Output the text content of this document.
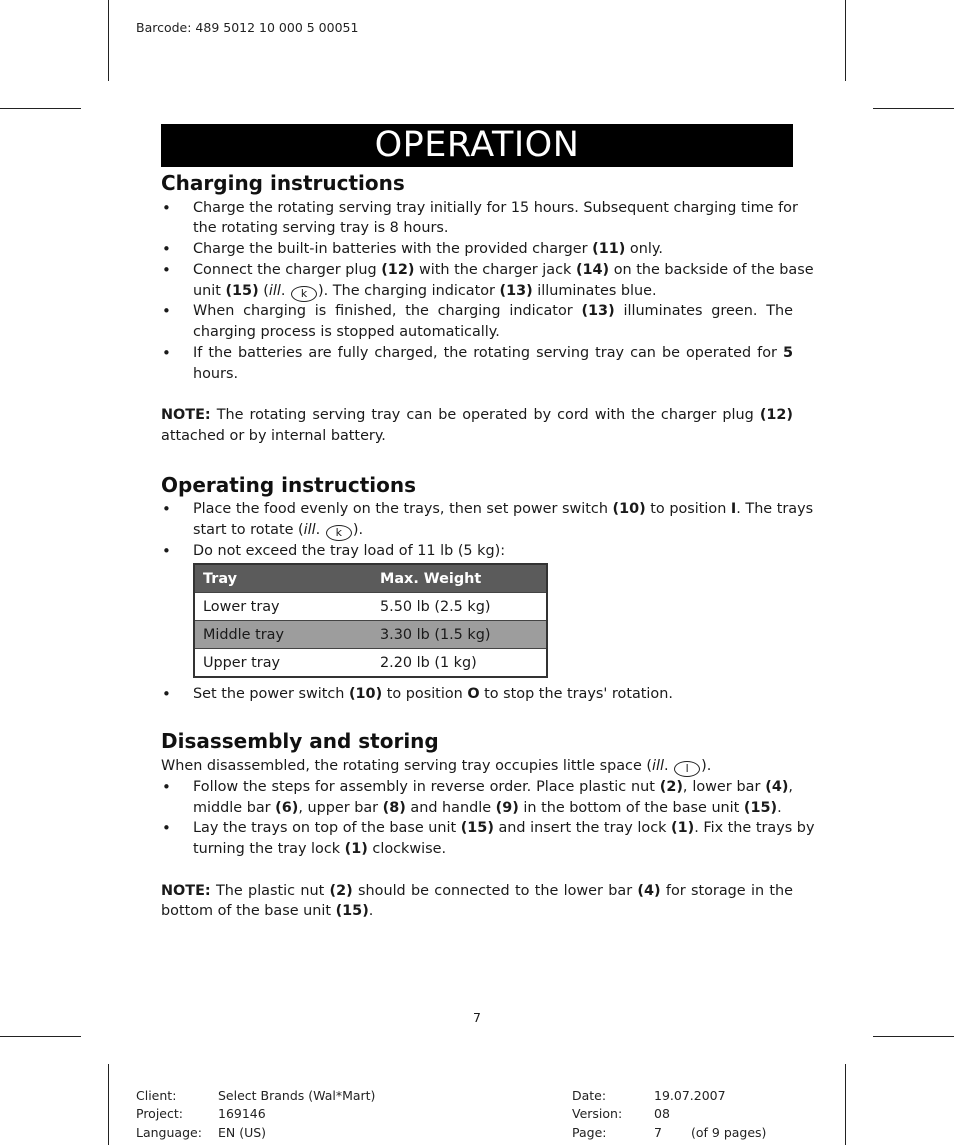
Barcode: 489 5012 10 000 5 00051
OPERATION
Charging instructions
• Charge the rotating serving tray initially for 15 hours. Subsequent charging time for
the rotating serving tray is 8 hours.
• Charge the built-in batteries with the provided charger (11) only.
• Connect the charger plug (12) with the charger jack (14) on the backside of the base
unit (15) (ill. k ). The charging indicator (13) illuminates blue.
• When charging is finished, the charging indicator (13) illuminates green. The
charging process is stopped automatically.
• If the batteries are fully charged, the rotating serving tray can be operated for 5
hours.
NOTE: The rotating serving tray can be operated by cord with the charger plug (12)
attached or by internal battery.
Operating instructions
• Place the food evenly on the trays, then set power switch (10) to position I. The trays
start to rotate (ill. k ).
• Do not exceed the tray load of 11 lb (5 kg):
Tray	Max. Weight
Lower tray	5.50 lb (2.5 kg)
Middle tray	3.30 lb (1.5 kg)
Upper tray	2.20 lb (1 kg)
• Set the power switch (10) to position O to stop the trays' rotation.
Disassembly and storing
When disassembled, the rotating serving tray occupies little space (ill. l ).
• Follow the steps for assembly in reverse order. Place plastic nut (2), lower bar (4),
middle bar (6), upper bar (8) and handle (9) in the bottom of the base unit (15).
• Lay the trays on top of the base unit (15) and insert the tray lock (1). Fix the trays by
turning the tray lock (1) clockwise.
NOTE: The plastic nut (2) should be connected to the lower bar (4) for storage in the
bottom of the base unit (15).
7
Client:	Select Brands (Wal*Mart)
Project:	169146
Language: EN (US)
Date:	19.07.2007
Version:	08
Page:	7 (of 9 pages)
